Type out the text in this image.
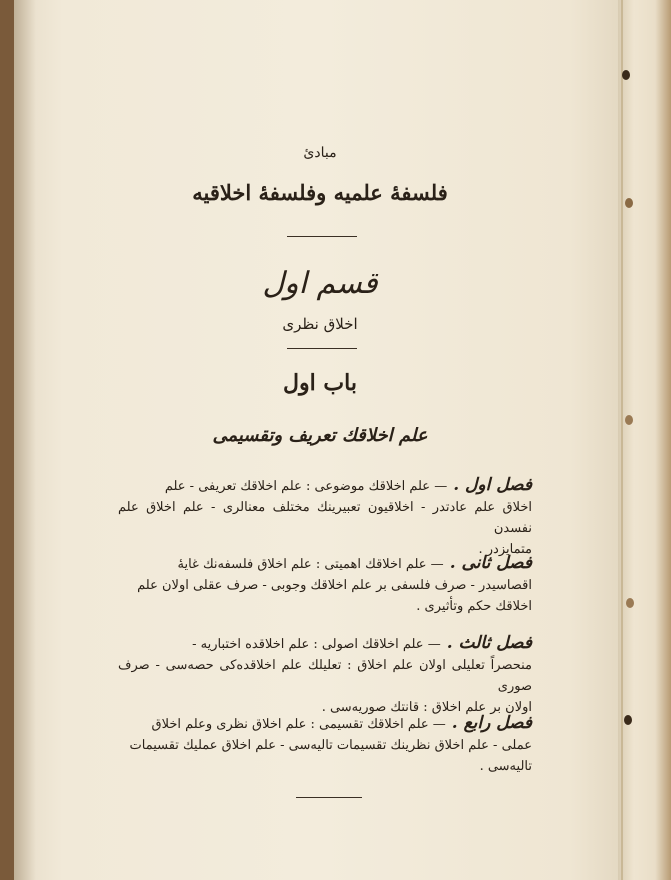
مبادئ
فلسفهٔ علميه وفلسفهٔ اخلاقيه
قسم اول
اخلاق نظرى
باب اول
علم اخلاقك تعريف وتقسيمى
فصل اول .— علم اخلاقك موضوعى : علم اخلاقك تعريفى - علم
اخلاق علم عادتدر - اخلاقيون تعبيرينك مختلف معنالرى - علم اخلاق علم نفسدن
متمايزدر .
فصل ثانى .— علم اخلاقك اهميتى : علم اخلاق فلسفه‌نك غايهٔ
اقصاسيدر - صرف فلسفى بر علم اخلاقك وجوبى - صرف عقلى اولان علم
اخلاقك حكم وتأثيرى .
فصل ثالث .— علم اخلاقك اصولى : علم اخلاقده اختباريه -
منحصراً تعليلى اولان علم اخلاق : تعليلك علم اخلاقده‌كى حصه‌سى - صرف صورى
اولان بر علم اخلاق : قانتك صوريه‌سى .
فصل رابع .— علم اخلاقك تقسيمى : علم اخلاق نظرى وعلم اخلاق
عملى - علم اخلاق نظرينك تقسيمات تاليه‌سى - علم اخلاق عمليك تقسيمات
تاليه‌سى .
